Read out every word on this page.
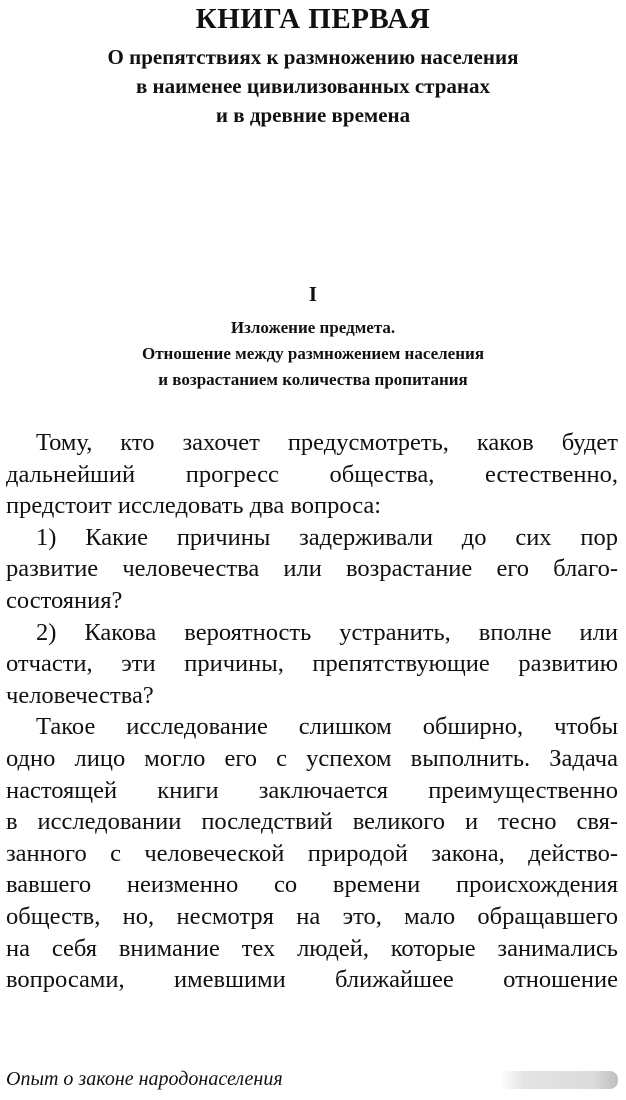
КНИГА ПЕРВАЯ
О препятствиях к размножению населения
в наименее цивилизованных странах
и в древние времена
I
Изложение предмета.
Отношение между размножением населения
и возрастанием количества пропитания
Тому, кто захочет предусмотреть, каков будет
дальнейший прогресс общества, естественно,
предстоит исследовать два вопроса:
1) Какие причины задерживали до сих пор
развитие человечества или возрастание его благо-
состояния?
2) Какова вероятность устранить, вполне или
отчасти, эти причины, препятствующие развитию
человечества?
Такое исследование слишком обширно, чтобы
одно лицо могло его с успехом выполнить. Задача
настоящей книги заключается преимущественно
в исследовании последствий великого и тесно свя-
занного с человеческой природой закона, действо-
вавшего неизменно со времени происхождения
обществ, но, несмотря на это, мало обращавшего
на себя внимание тех людей, которые занимались
вопросами, имевшими ближайшее отношение
Опыт о законе народонаселения
